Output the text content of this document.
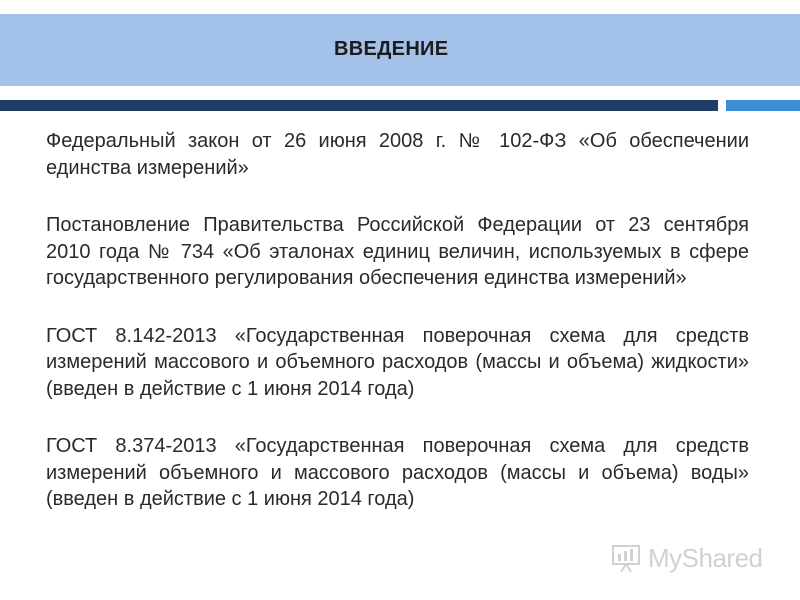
ВВЕДЕНИЕ

Федеральный закон от 26 июня 2008 г. № 102-ФЗ «Об обеспечении единства измерений»

Постановление Правительства Российской Федерации от 23 сентября 2010 года № 734 «Об эталонах единиц величин, используемых в сфере государственного регулирования обеспечения единства измерений»

ГОСТ 8.142-2013 «Государственная поверочная схема для средств измерений массового и объемного расходов (массы и объема) жидкости» (введен в действие с 1 июня 2014 года)

ГОСТ 8.374-2013 «Государственная поверочная схема для средств измерений объемного и массового расходов (массы и объема) воды» (введен в действие с 1 июня 2014 года)

MyShared
